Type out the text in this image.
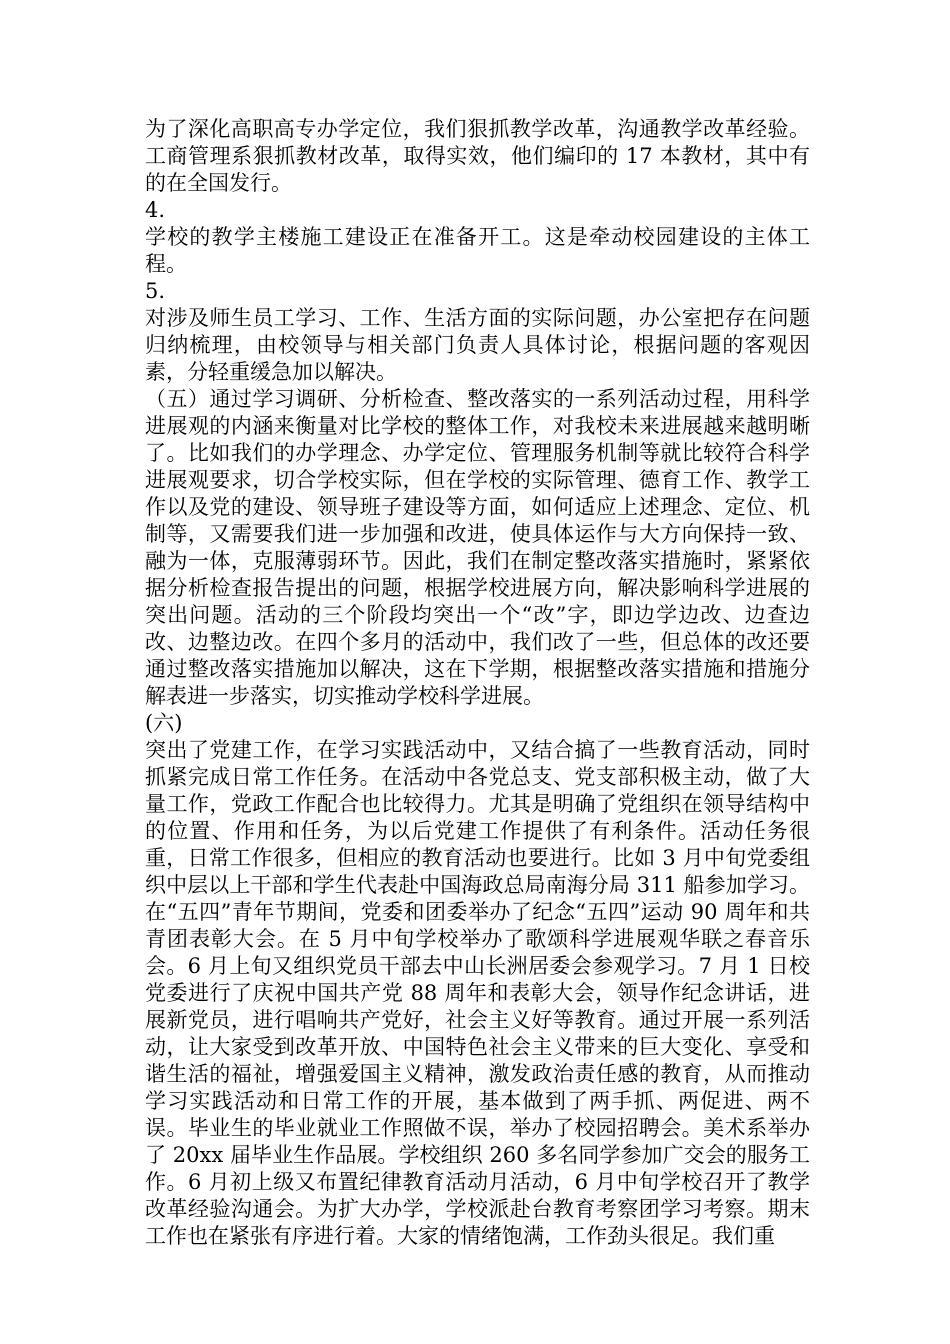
为了深化高职高专办学定位，我们狠抓教学改革，沟通教学改革经验。工商管理系狠抓教材改革，取得实效，他们编印的 17 本教材，其中有的在全国发行。

4.

学校的教学主楼施工建设正在准备开工。这是牵动校园建设的主体工程。

5.

对涉及师生员工学习、工作、生活方面的实际问题，办公室把存在问题归纳梳理，由校领导与相关部门负责人具体讨论，根据问题的客观因素，分轻重缓急加以解决。

（五）通过学习调研、分析检查、整改落实的一系列活动过程，用科学进展观的内涵来衡量对比学校的整体工作，对我校未来进展越来越明晰了。比如我们的办学理念、办学定位、管理服务机制等就比较符合科学进展观要求，切合学校实际，但在学校的实际管理、德育工作、教学工作以及党的建设、领导班子建设等方面，如何适应上述理念、定位、机制等，又需要我们进一步加强和改进，使具体运作与大方向保持一致、融为一体，克服薄弱环节。因此，我们在制定整改落实措施时，紧紧依据分析检查报告提出的问题，根据学校进展方向，解决影响科学进展的突出问题。活动的三个阶段均突出一个“改”字，即边学边改、边查边改、边整边改。在四个多月的活动中，我们改了一些，但总体的改还要通过整改落实措施加以解决，这在下学期，根据整改落实措施和措施分解表进一步落实，切实推动学校科学进展。

(六)

突出了党建工作，在学习实践活动中，又结合搞了一些教育活动，同时抓紧完成日常工作任务。在活动中各党总支、党支部积极主动，做了大量工作，党政工作配合也比较得力。尤其是明确了党组织在领导结构中的位置、作用和任务，为以后党建工作提供了有利条件。活动任务很重，日常工作很多，但相应的教育活动也要进行。比如 3 月中旬党委组织中层以上干部和学生代表赴中国海政总局南海分局 311 船参加学习。在“五四”青年节期间，党委和团委举办了纪念“五四”运动 90 周年和共青团表彰大会。在 5 月中旬学校举办了歌颂科学进展观华联之春音乐会。6 月上旬又组织党员干部去中山长洲居委会参观学习。7 月 1 日校党委进行了庆祝中国共产党 88 周年和表彰大会，领导作纪念讲话，进展新党员，进行唱响共产党好，社会主义好等教育。通过开展一系列活动，让大家受到改革开放、中国特色社会主义带来的巨大变化、享受和谐生活的福祉，增强爱国主义精神，激发政治责任感的教育，从而推动学习实践活动和日常工作的开展，基本做到了两手抓、两促进、两不误。毕业生的毕业就业工作照做不误，举办了校园招聘会。美术系举办了 20xx 届毕业生作品展。学校组织 260 多名同学参加广交会的服务工作。6 月初上级又布置纪律教育活动月活动，6 月中旬学校召开了教学改革经验沟通会。为扩大办学，学校派赴台教育考察团学习考察。期末工作也在紧张有序进行着。大家的情绪饱满，工作劲头很足。我们重
